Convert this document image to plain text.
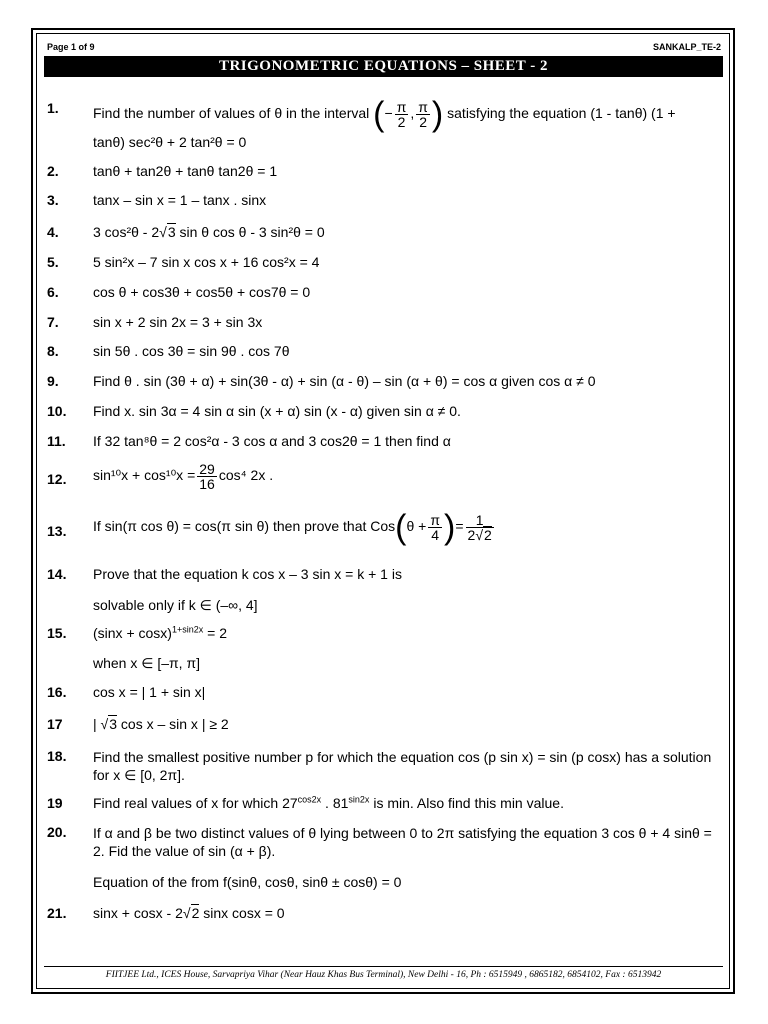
Page 1 of 9	SANKALP_TE-2
TRIGONOMETRIC EQUATIONS – SHEET - 2
1. Find the number of values of θ in the interval (− $\frac{\pi}{2}$ , $\frac{\pi}{2}$ ) satisfying the equation (1 - tanθ) (1 +
tanθ) sec²θ + 2 tan²θ = 0
2. tanθ + tan2θ + tanθ tan2θ = 1
3. tanx – sin x = 1 – tanx . sinx
4. 3 cos²θ - 2√3 sin θ cos θ - 3 sin²θ = 0
5. 5 sin²x – 7 sin x cos x + 16 cos²x = 4
6. cos θ + cos3θ + cos5θ + cos7θ = 0
7. sin x + 2 sin 2x = 3 + sin 3x
8. sin 5θ . cos 3θ = sin 9θ . cos 7θ
9. Find θ . sin (3θ + α) + sin(3θ - α) + sin (α - θ) – sin (α + θ) = cos α given cos α ≠ 0
10. Find x. sin 3α = 4 sin α sin (x + α) sin (x - α) given sin α ≠ 0.
11. If 32 tan⁸θ = 2 cos²α - 3 cos α and 3 cos2θ = 1 then find α
12. $\sin^{10}x + \cos^{10}x = \frac{29}{16} \cos^4$ 2x .
13. If sin(π cos θ) = cos(π sin θ) then prove that $Cos(\theta + \frac{\pi}{4}$ )= $\frac{1}{2√2}$
14. Prove that the equation k cos x – 3 sin x = k + 1 is
solvable only if k ∈ (–∞, 4]
15. $(\sin x + \cos x)^{1+sin2x} = 2$
when x ∈ [–π, π]
16. cos x = | 1 + sin x|
17 | √3 cos x – sin x | ≥ 2
18. Find the smallest positive number p for which the equation cos (p sin x) = sin (p cosx) has a solution for x ∈ [0, 2π].
19 Find real values of x for which $27^{cos2x}$ . $81^{sin2x}$ is min. Also find this min value.
20. If α and β be two distinct values of θ lying between 0 to 2π satisfying the equation 3 cos θ + 4 sinθ = 2. Fid the value of sin (α + β).
Equation of the from f(sinθ, cosθ, sinθ ± cosθ) = 0
21. sinx + cosx - 2√2 sinx cosx = 0
FIITJEE Ltd., ICES House, Sarvapriya Vihar (Near Hauz Khas Bus Terminal), New Delhi - 16, Ph : 6515949 , 6865182, 6854102, Fax : 6513942
